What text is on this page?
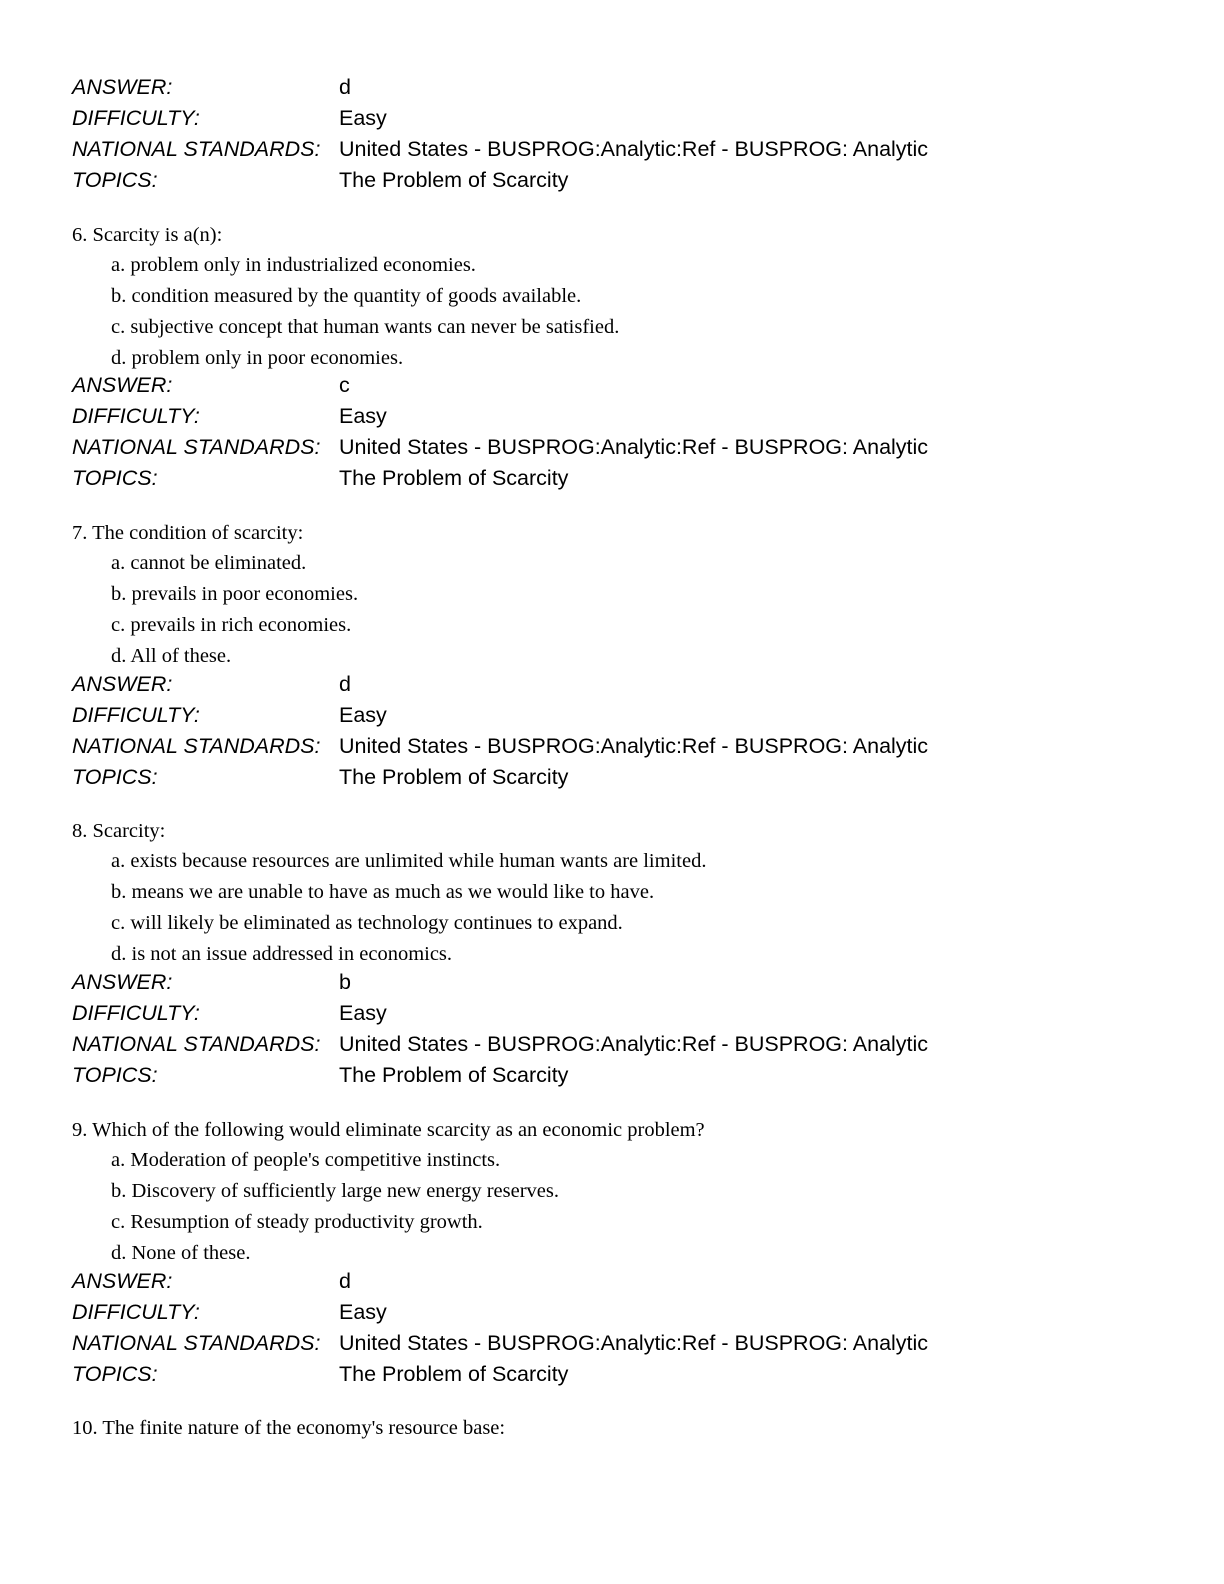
ANSWER:	d
DIFFICULTY:	Easy
NATIONAL STANDARDS: United States - BUSPROG:Analytic:Ref - BUSPROG: Analytic
TOPICS:	The Problem of Scarcity
6. Scarcity is a(n):
a. problem only in industrialized economies.
b. condition measured by the quantity of goods available.
c. subjective concept that human wants can never be satisfied.
d. problem only in poor economies.
ANSWER:	c
DIFFICULTY:	Easy
NATIONAL STANDARDS: United States - BUSPROG:Analytic:Ref - BUSPROG: Analytic
TOPICS:	The Problem of Scarcity
7. The condition of scarcity:
a. cannot be eliminated.
b. prevails in poor economies.
c. prevails in rich economies.
d. All of these.
ANSWER:	d
DIFFICULTY:	Easy
NATIONAL STANDARDS: United States - BUSPROG:Analytic:Ref - BUSPROG: Analytic
TOPICS:	The Problem of Scarcity
8. Scarcity:
a. exists because resources are unlimited while human wants are limited.
b. means we are unable to have as much as we would like to have.
c. will likely be eliminated as technology continues to expand.
d. is not an issue addressed in economics.
ANSWER:	b
DIFFICULTY:	Easy
NATIONAL STANDARDS: United States - BUSPROG:Analytic:Ref - BUSPROG: Analytic
TOPICS:	The Problem of Scarcity
9. Which of the following would eliminate scarcity as an economic problem?
a. Moderation of people's competitive instincts.
b. Discovery of sufficiently large new energy reserves.
c. Resumption of steady productivity growth.
d. None of these.
ANSWER:	d
DIFFICULTY:	Easy
NATIONAL STANDARDS: United States - BUSPROG:Analytic:Ref - BUSPROG: Analytic
TOPICS:	The Problem of Scarcity
10. The finite nature of the economy's resource base:
